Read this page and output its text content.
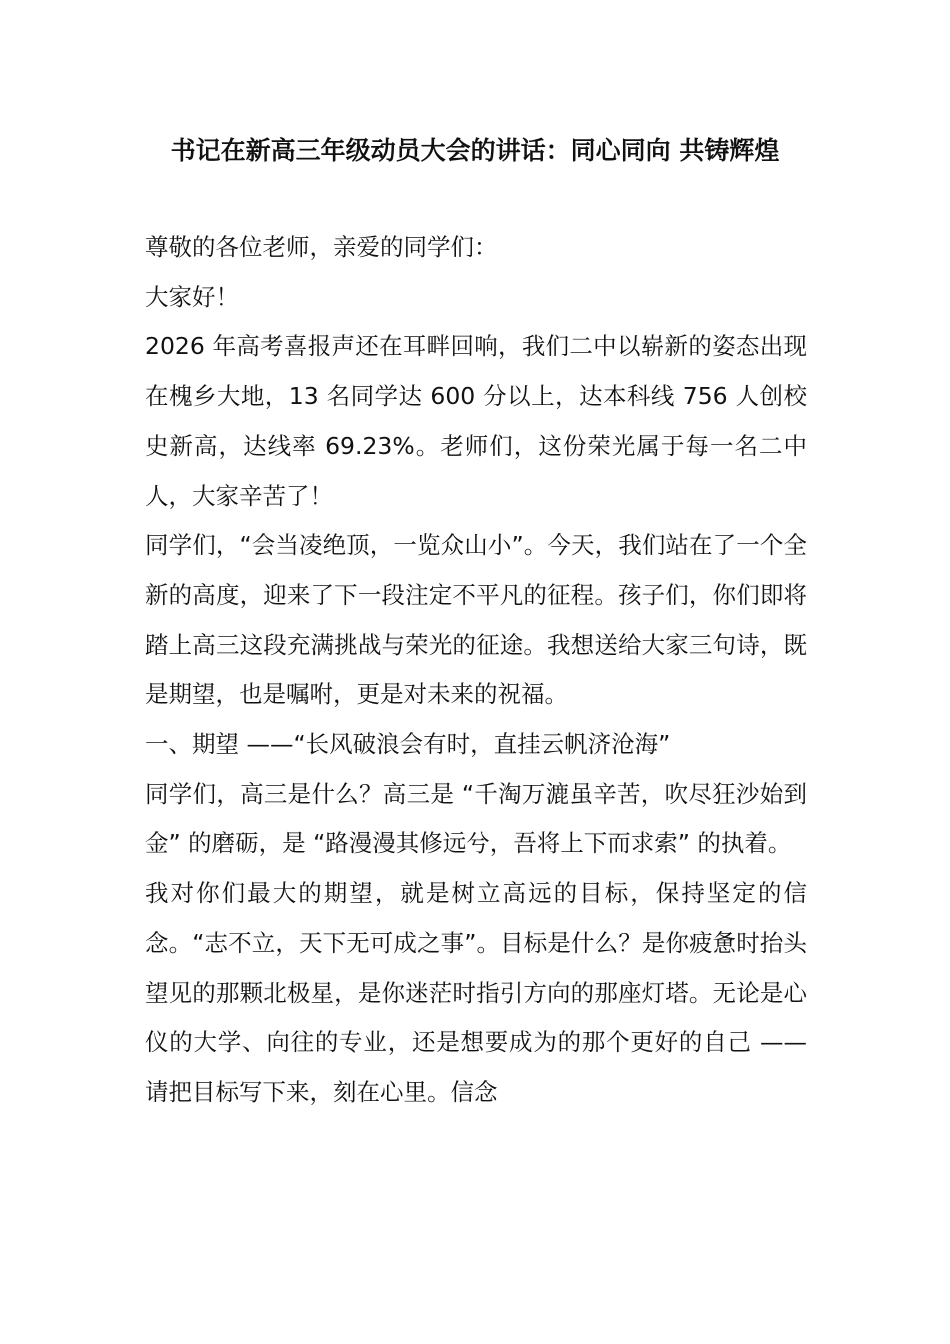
书记在新高三年级动员大会的讲话：同心同向 共铸辉煌

尊敬的各位老师，亲爱的同学们：

大家好！

2026 年高考喜报声还在耳畔回响，我们二中以崭新的姿态出现在槐乡大地，13 名同学达 600 分以上，达本科线 756 人创校史新高，达线率 69.23%。老师们，这份荣光属于每一名二中人，大家辛苦了！

同学们，“会当凌绝顶，一览众山小”。今天，我们站在了一个全新的高度，迎来了下一段注定不平凡的征程。孩子们，你们即将踏上高三这段充满挑战与荣光的征途。我想送给大家三句诗，既是期望，也是嘱咐，更是对未来的祝福。

一、期望 ——“长风破浪会有时，直挂云帆济沧海”

同学们，高三是什么？高三是 “千淘万漉虽辛苦，吹尽狂沙始到金” 的磨砺，是 “路漫漫其修远兮，吾将上下而求索” 的执着。

我对你们最大的期望，就是树立高远的目标，保持坚定的信念。“志不立，天下无可成之事”。目标是什么？是你疲惫时抬头望见的那颗北极星，是你迷茫时指引方向的那座灯塔。无论是心仪的大学、向往的专业，还是想要成为的那个更好的自己 —— 请把目标写下来，刻在心里。信念
